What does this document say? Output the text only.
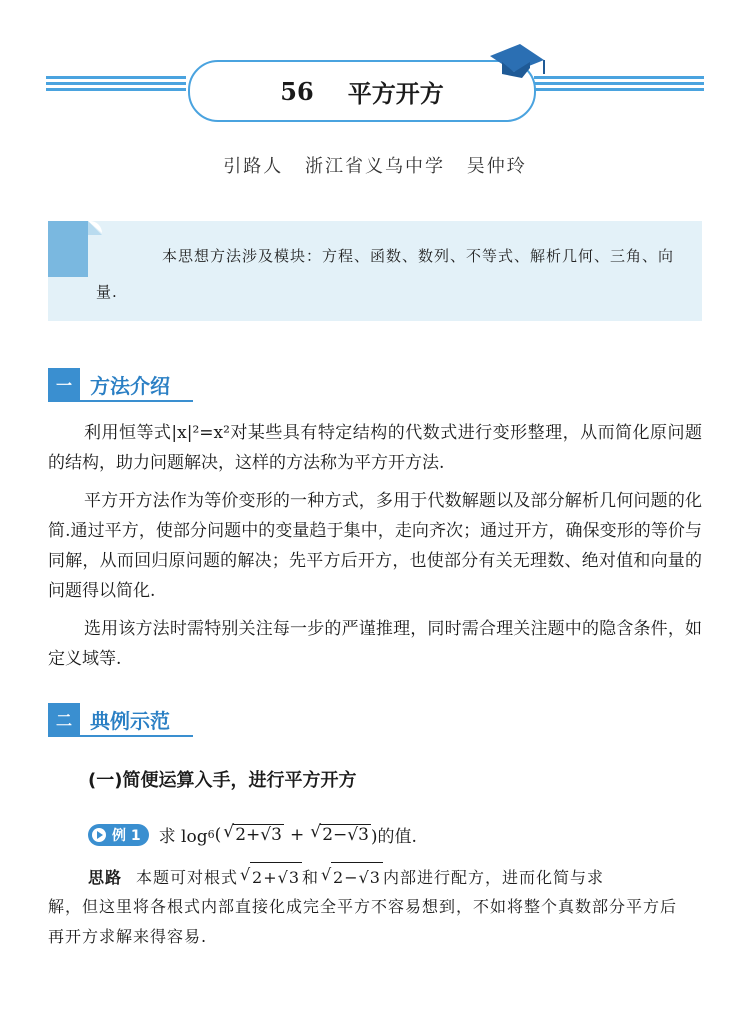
56 平方开方
引路人 浙江省义乌中学 吴仲玲
本思想方法涉及模块：方程、函数、数列、不等式、解析几何、三角、向量.
一 方法介绍
利用恒等式|x|²=x²对某些具有特定结构的代数式进行变形整理，从而简化原问题的结构，助力问题解决，这样的方法称为平方开方法.
平方开方法作为等价变形的一种方式，多用于代数解题以及部分解析几何问题的化简.通过平方，使部分问题中的变量趋于集中，走向齐次；通过开方，确保变形的等价与同解，从而回归原问题的解决；先平方后开方，也使部分有关无理数、绝对值和向量的问题得以简化.
选用该方法时需特别关注每一步的严谨推理，同时需合理关注题中的隐含条件，如定义域等.
二 典例示范
(一)简便运算入手，进行平方开方
例 1 求 log 6 ( √ 2+√3 + √ 2−√3 )的值.
思路 本题可对根式 √ 2+√3 和 √ 2−√3 内部进行配方，进而化简与求
解，但这里将各根式内部直接化成完全平方不容易想到，不如将整个真数部分平方后再开方求解来得容易.
